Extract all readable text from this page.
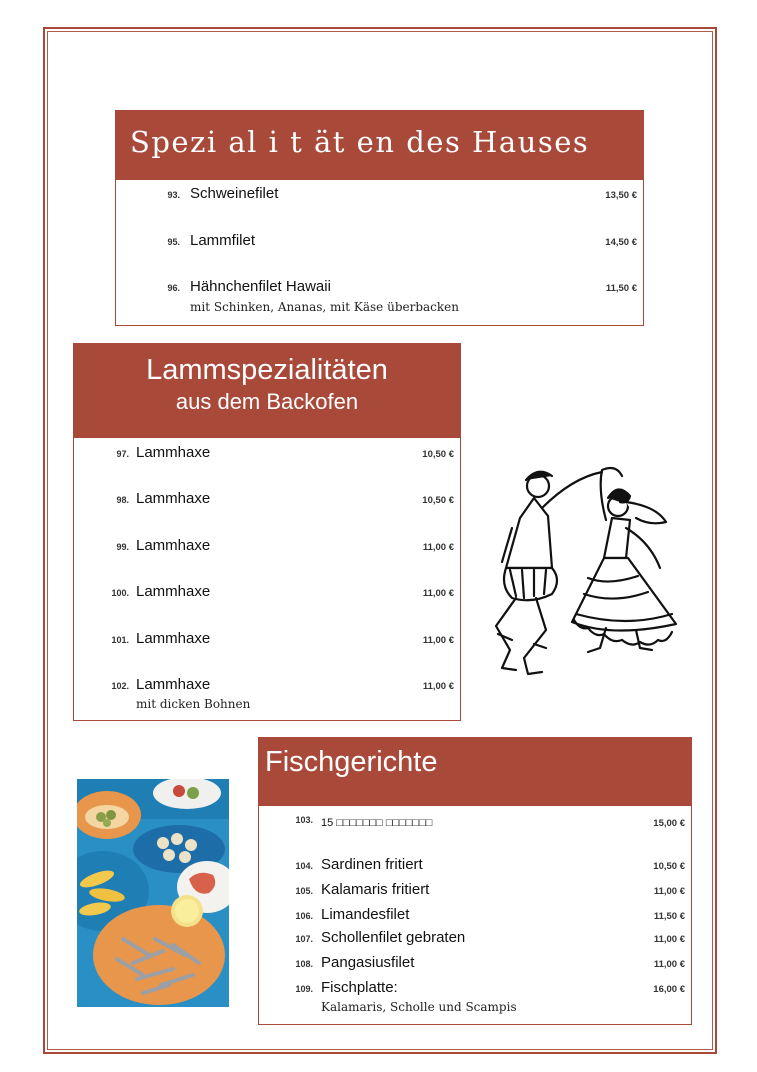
Spezi al i t ät en des Hauses
93. Schweinefilet	13,50 €
95. Lammfilet	14,50 €
96. Hähnchenfilet Hawaii	11,50 €
mit Schinken, Ananas, mit Käse überbacken
Lammspezialitäten
aus dem Backofen
97. Lammhaxe	10,50 €
98. Lammhaxe	10,50 €
99. Lammhaxe	11,00 €
100. Lammhaxe	11,00 €
101. Lammhaxe	11,00 €
102. Lammhaxe	11,00 €
mit dicken Bohnen
Fischgerichte
103. 15 □□□□□□□ □□□□□□□	15,00 €
104. Sardinen fritiert	10,50 €
105. Kalamaris fritiert	11,00 €
106. Limandesfilet	11,50 €
107. Schollenfilet gebraten	11,00 €
108. Pangasiusfilet	11,00 €
109. Fischplatte:	16,00 €
Kalamaris, Scholle und Scampis
